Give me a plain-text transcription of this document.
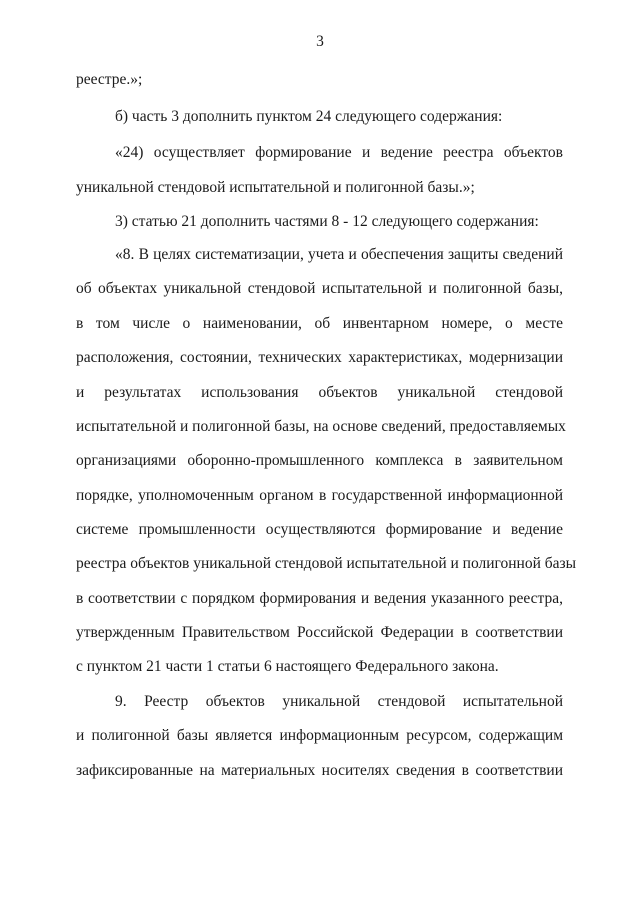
3
реестре.»;
б) часть 3 дополнить пунктом 24 следующего содержания:
«24) осуществляет формирование и ведение реестра объектов
уникальной стендовой испытательной и полигонной базы.»;
3) статью 21 дополнить частями 8 - 12 следующего содержания:
«8. В целях систематизации, учета и обеспечения защиты сведений
об объектах уникальной стендовой испытательной и полигонной базы,
в том числе о наименовании, об инвентарном номере, о месте
расположения, состоянии, технических характеристиках, модернизации
и результатах использования объектов уникальной стендовой
испытательной и полигонной базы, на основе сведений, предоставляемых
организациями оборонно-промышленного комплекса в заявительном
порядке, уполномоченным органом в государственной информационной
системе промышленности осуществляются формирование и ведение
реестра объектов уникальной стендовой испытательной и полигонной базы
в соответствии с порядком формирования и ведения указанного реестра,
утвержденным Правительством Российской Федерации в соответствии
с пунктом 21 части 1 статьи 6 настоящего Федерального закона.
9. Реестр объектов уникальной стендовой испытательной
и полигонной базы является информационным ресурсом, содержащим
зафиксированные на материальных носителях сведения в соответствии
